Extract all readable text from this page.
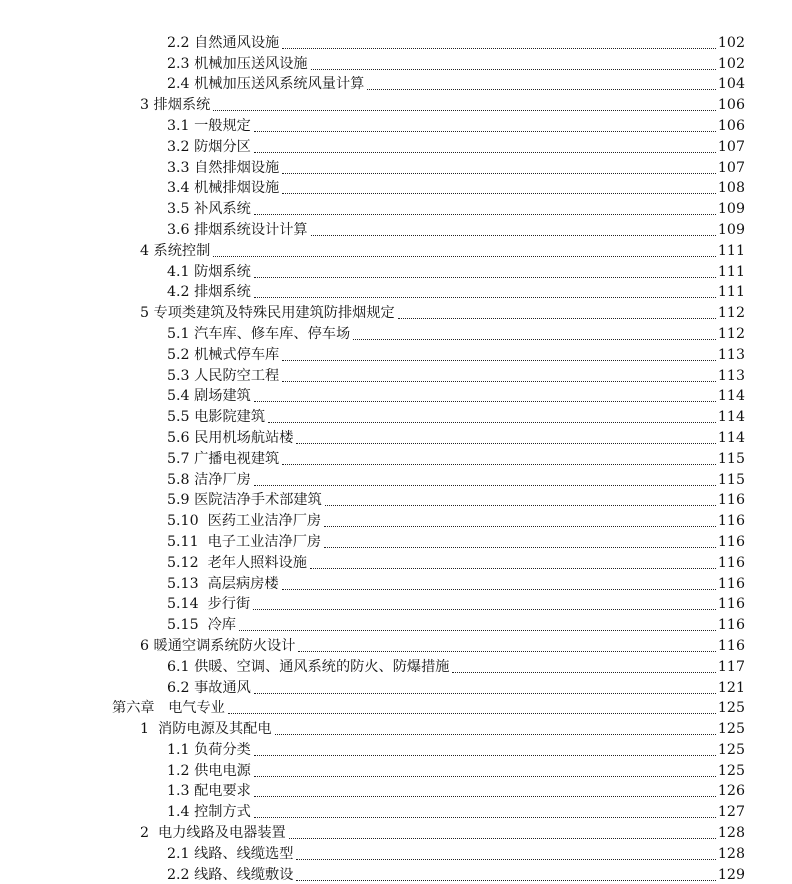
2.2 自然通风设施	102
2.3 机械加压送风设施	102
2.4 机械加压送风系统风量计算	104
3 排烟系统	106
3.1 一般规定	106
3.2 防烟分区	107
3.3 自然排烟设施	107
3.4 机械排烟设施	108
3.5 补风系统	109
3.6 排烟系统设计计算	109
4 系统控制	111
4.1 防烟系统	111
4.2 排烟系统	111
5 专项类建筑及特殊民用建筑防排烟规定	112
5.1 汽车库、修车库、停车场	112
5.2 机械式停车库	113
5.3 人民防空工程	113
5.4 剧场建筑	114
5.5 电影院建筑	114
5.6 民用机场航站楼	114
5.7 广播电视建筑	115
5.8 洁净厂房	115
5.9 医院洁净手术部建筑	116
5.10 医药工业洁净厂房	116
5.11 电子工业洁净厂房	116
5.12 老年人照料设施	116
5.13 高层病房楼	116
5.14 步行街	116
5.15 冷库	116
6 暖通空调系统防火设计	116
6.1 供暖、空调、通风系统的防火、防爆措施	117
6.2 事故通风	121
第六章 电气专业	125
1 消防电源及其配电	125
1.1 负荷分类	125
1.2 供电电源	125
1.3 配电要求	126
1.4 控制方式	127
2 电力线路及电器装置	128
2.1 线路、线缆选型	128
2.2 线路、线缆敷设	129
